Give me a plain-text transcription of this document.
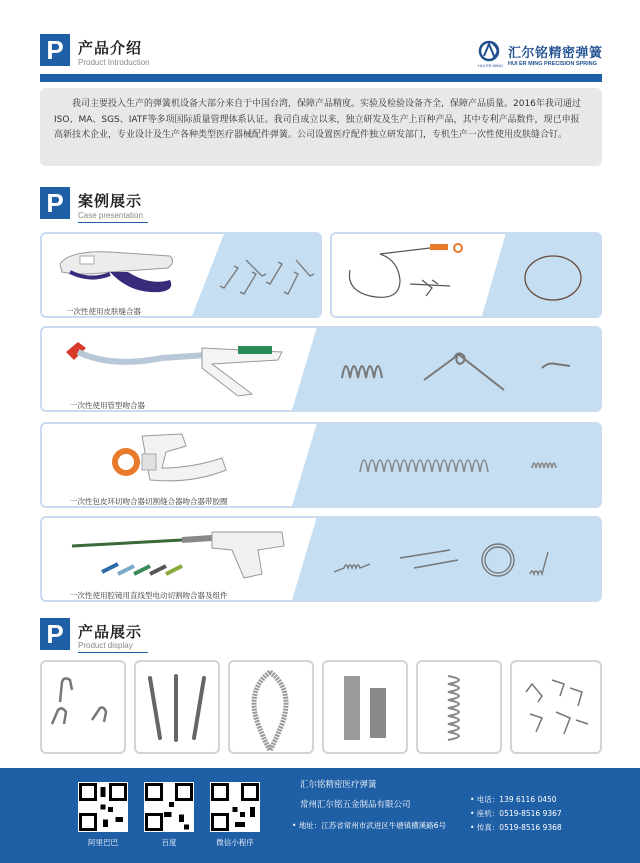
P 产品介绍
Product Introduction	HUI ER MING
汇尔铭精密弹簧
HUI ER MING PRECISION SPRING
我司主要投入生产的弹簧机设备大部分来自于中国台湾，保障产品精度。实验及检验设备齐全，保障产品质量。2016年我司通过ISO、MA、SGS、IATF等多项国际质量管理体系认证。我司自成立以来，独立研发及生产上百种产品，其中专利产品数件，现已申报高新技术企业，专业设计及生产各种类型医疗器械配件弹簧。公司设置医疗配件独立研发部门，专机生产一次性使用皮肤缝合钉。
P 案例展示
Case presentation
一次性使用皮肤缝合器
一次性使用管型吻合器
一次性包皮环切吻合器切割缝合器吻合器带胶圈
一次性使用腔镜用直线型电动切割吻合器及组件
P 产品展示
Product display
阿里巴巴	百度	微信小程序
汇尔铭精密医疗弹簧
常州汇尔铭五金制品有限公司
• 地址：江苏省常州市武进区牛塘镇横溪路6号
• 电话：139 6116 0450
• 座机：0519-8516 9367
• 传真：0519-8516 9368
